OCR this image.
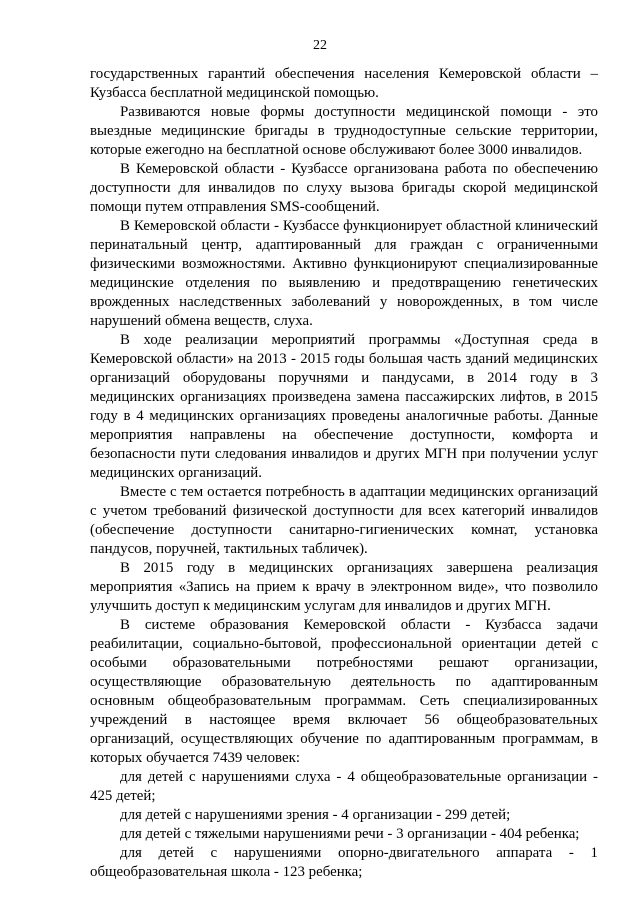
22

государственных гарантий обеспечения населения Кемеровской области – Кузбасса бесплатной медицинской помощью.

Развиваются новые формы доступности медицинской помощи - это выездные медицинские бригады в труднодоступные сельские территории, которые ежегодно на бесплатной основе обслуживают более 3000 инвалидов.

В Кемеровской области - Кузбассе организована работа по обеспечению доступности для инвалидов по слуху вызова бригады скорой медицинской помощи путем отправления SMS-сообщений.

В Кемеровской области - Кузбассе функционирует областной клинический перинатальный центр, адаптированный для граждан с ограниченными физическими возможностями. Активно функционируют специализированные медицинские отделения по выявлению и предотвращению генетических врожденных наследственных заболеваний у новорожденных, в том числе нарушений обмена веществ, слуха.

В ходе реализации мероприятий программы «Доступная среда в Кемеровской области» на 2013 - 2015 годы большая часть зданий медицинских организаций оборудованы поручнями и пандусами, в 2014 году в 3 медицинских организациях произведена замена пассажирских лифтов, в 2015 году в 4 медицинских организациях проведены аналогичные работы. Данные мероприятия направлены на обеспечение доступности, комфорта и безопасности пути следования инвалидов и других МГН при получении услуг медицинских организаций.

Вместе с тем остается потребность в адаптации медицинских организаций с учетом требований физической доступности для всех категорий инвалидов (обеспечение доступности санитарно-гигиенических комнат, установка пандусов, поручней, тактильных табличек).

В 2015 году в медицинских организациях завершена реализация мероприятия «Запись на прием к врачу в электронном виде», что позволило улучшить доступ к медицинским услугам для инвалидов и других МГН.

В системе образования Кемеровской области - Кузбасса задачи реабилитации, социально-бытовой, профессиональной ориентации детей с особыми образовательными потребностями решают организации, осуществляющие образовательную деятельность по адаптированным основным общеобразовательным программам. Сеть специализированных учреждений в настоящее время включает 56 общеобразовательных организаций, осуществляющих обучение по адаптированным программам, в которых обучается 7439 человек:

для детей с нарушениями слуха - 4 общеобразовательные организации - 425 детей;

для детей с нарушениями зрения - 4 организации - 299 детей;

для детей с тяжелыми нарушениями речи - 3 организации - 404 ребенка;

для детей с нарушениями опорно-двигательного аппарата - 1 общеобразовательная школа - 123 ребенка;
